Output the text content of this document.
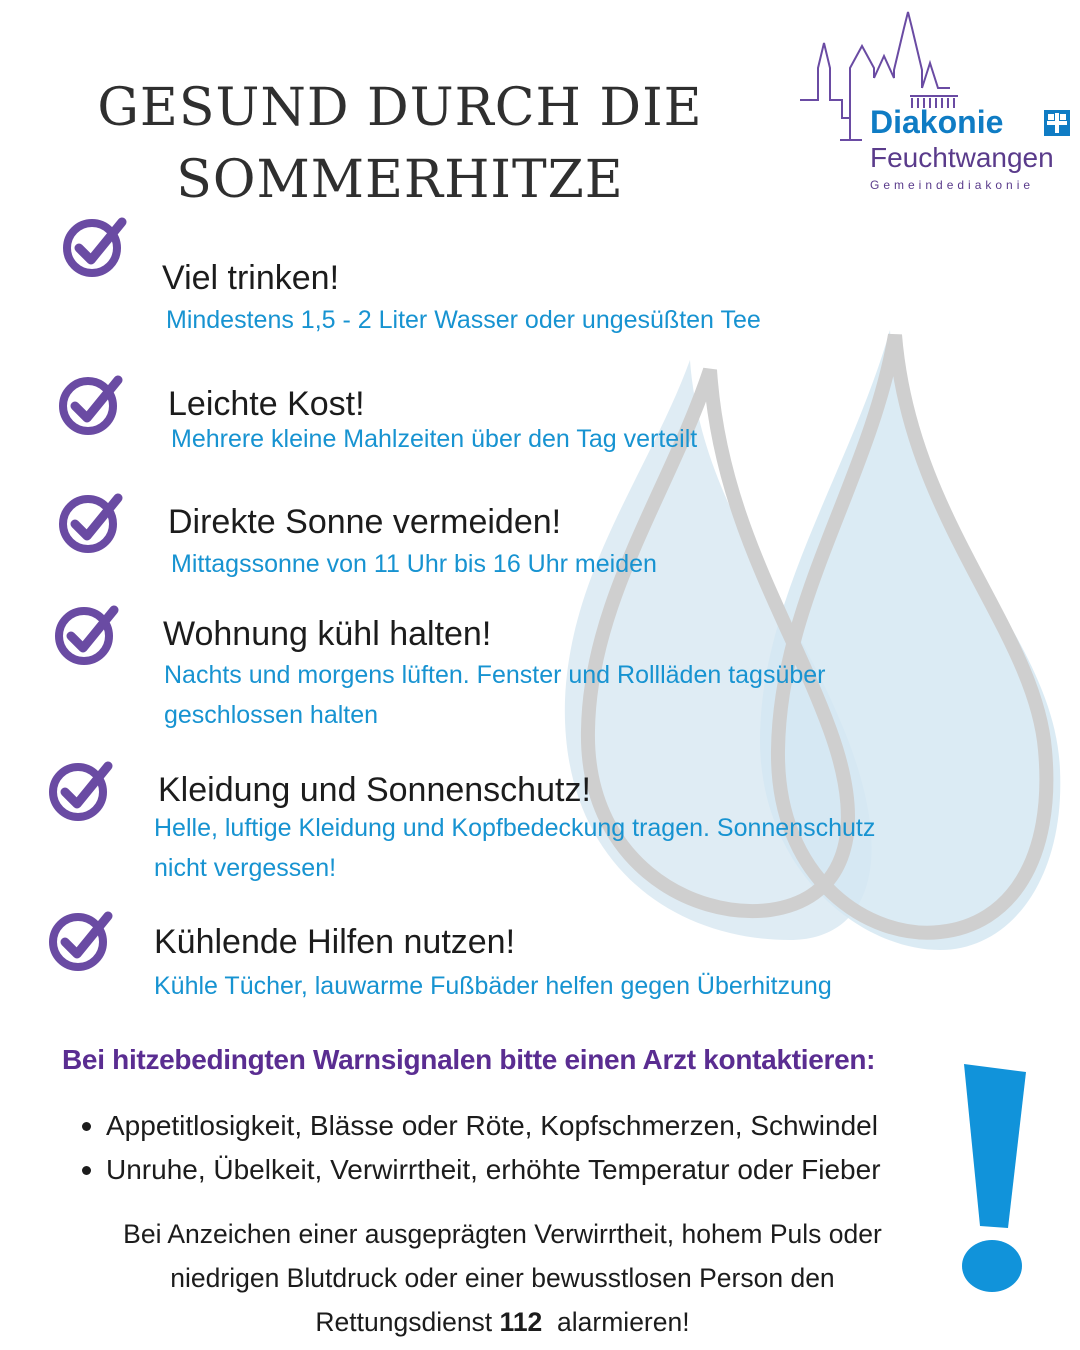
GESUND DURCH DIE
SOMMERHITZE
Diakonie
Feuchtwangen
Gemeindediakonie
Viel trinken!

Mindestens 1,5 - 2 Liter Wasser oder ungesüßten Tee

Leichte Kost!

Mehrere kleine Mahlzeiten über den Tag verteilt

Direkte Sonne vermeiden!

Mittagssonne von 11 Uhr bis 16 Uhr meiden

Wohnung kühl halten!

Nachts und morgens lüften. Fenster und Rollläden tagsüber
geschlossen halten

Kleidung und Sonnenschutz!

Helle, luftige Kleidung und Kopfbedeckung tragen. Sonnenschutz
nicht vergessen!

Kühlende Hilfen nutzen!

Kühle Tücher, lauwarme Fußbäder helfen gegen Überhitzung

Bei hitzebedingten Warnsignalen bitte einen Arzt kontaktieren:
Appetitlosigkeit, Blässe oder Röte, Kopfschmerzen, Schwindel
Unruhe, Übelkeit, Verwirrtheit, erhöhte Temperatur oder Fieber

Bei Anzeichen einer ausgeprägten Verwirrtheit, hohem Puls oder
niedrigen Blutdruck oder einer bewusstlosen Person den
Rettungsdienst 112 alarmieren!
